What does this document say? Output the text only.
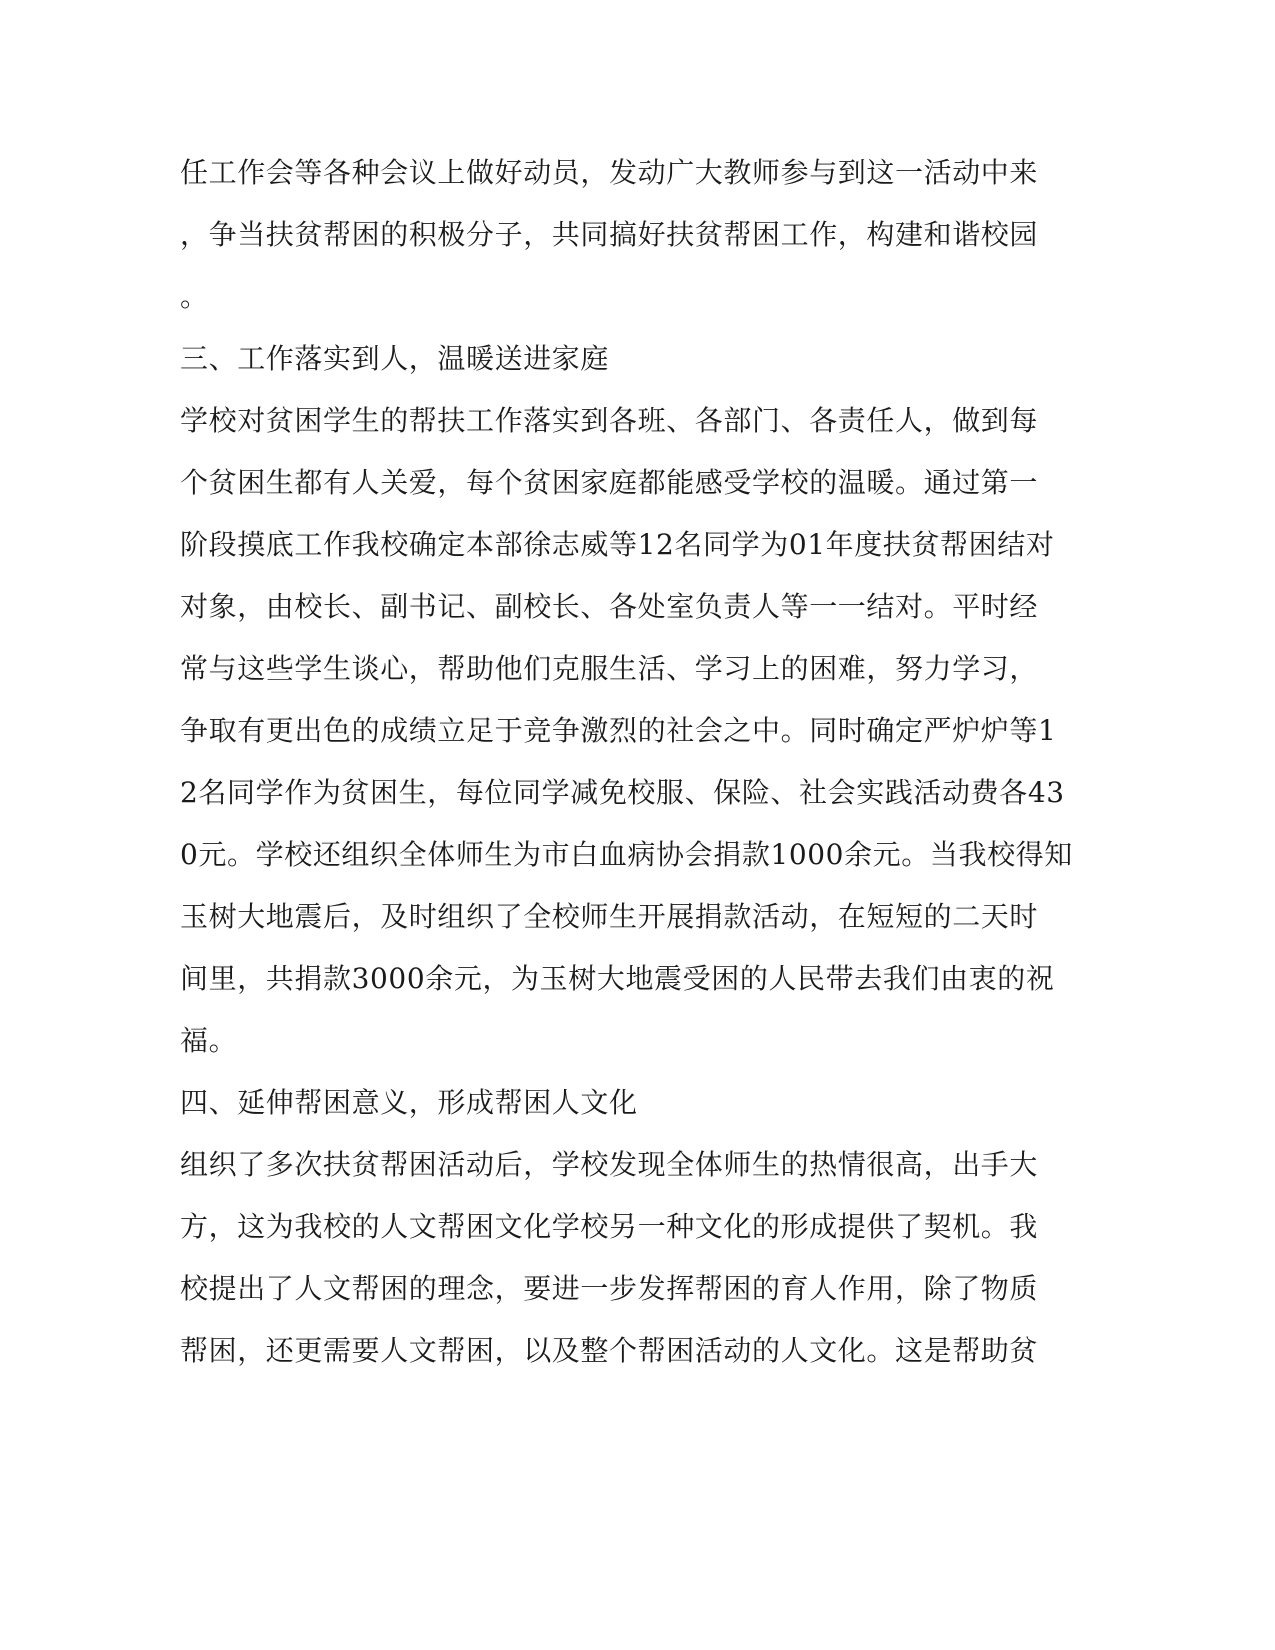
任工作会等各种会议上做好动员，发动广大教师参与到这一活动中来
，争当扶贫帮困的积极分子，共同搞好扶贫帮困工作，构建和谐校园
。
三、工作落实到人，温暖送进家庭
学校对贫困学生的帮扶工作落实到各班、各部门、各责任人，做到每
个贫困生都有人关爱，每个贫困家庭都能感受学校的温暖。通过第一
阶段摸底工作我校确定本部徐志威等12名同学为01年度扶贫帮困结对
对象，由校长、副书记、副校长、各处室负责人等一一结对。平时经
常与这些学生谈心，帮助他们克服生活、学习上的困难，努力学习，
争取有更出色的成绩立足于竞争激烈的社会之中。同时确定严炉炉等1
2名同学作为贫困生，每位同学减免校服、保险、社会实践活动费各43
0元。学校还组织全体师生为市白血病协会捐款1000余元。当我校得知
玉树大地震后，及时组织了全校师生开展捐款活动，在短短的二天时
间里，共捐款3000余元，为玉树大地震受困的人民带去我们由衷的祝
福。
四、延伸帮困意义，形成帮困人文化
组织了多次扶贫帮困活动后，学校发现全体师生的热情很高，出手大
方，这为我校的人文帮困文化学校另一种文化的形成提供了契机。我
校提出了人文帮困的理念，要进一步发挥帮困的育人作用，除了物质
帮困，还更需要人文帮困，以及整个帮困活动的人文化。这是帮助贫
